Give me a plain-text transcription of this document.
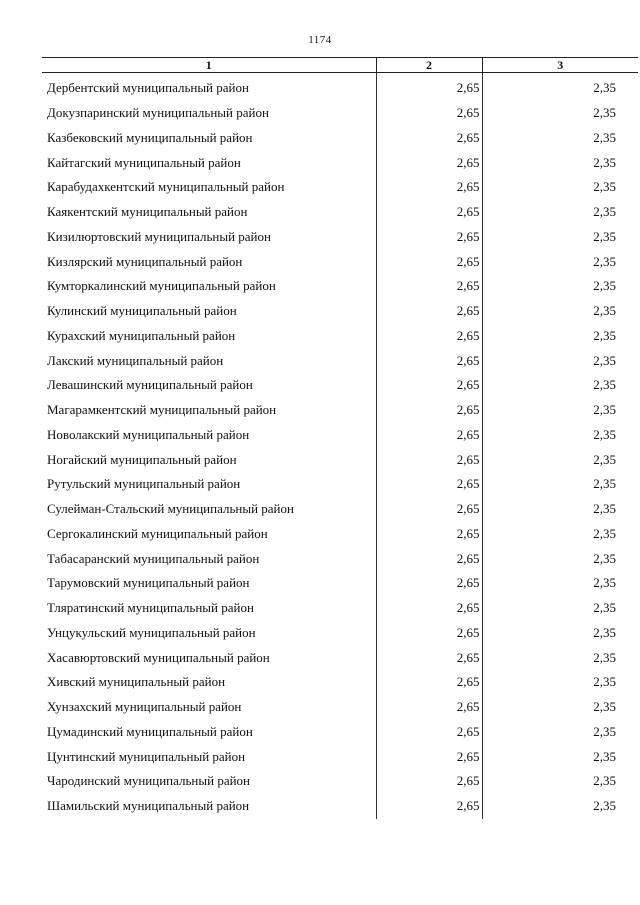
1174
1	2	3
Дербентский муниципальный район	2,65	2,35
Докузпаринский муниципальный район	2,65	2,35
Казбековский муниципальный район	2,65	2,35
Кайтагский муниципальный район	2,65	2,35
Карабудахкентский муниципальный район	2,65	2,35
Каякентский муниципальный район	2,65	2,35
Кизилюртовский муниципальный район	2,65	2,35
Кизлярский муниципальный район	2,65	2,35
Кумторкалинский муниципальный район	2,65	2,35
Кулинский муниципальный район	2,65	2,35
Курахский муниципальный район	2,65	2,35
Лакский муниципальный район	2,65	2,35
Левашинский муниципальный район	2,65	2,35
Магарамкентский муниципальный район	2,65	2,35
Новолакский муниципальный район	2,65	2,35
Ногайский муниципальный район	2,65	2,35
Рутульский муниципальный район	2,65	2,35
Сулейман-Стальский муниципальный район	2,65	2,35
Сергокалинский муниципальный район	2,65	2,35
Табасаранский муниципальный район	2,65	2,35
Тарумовский муниципальный район	2,65	2,35
Тляратинский муниципальный район	2,65	2,35
Унцукульский муниципальный район	2,65	2,35
Хасавюртовский муниципальный район	2,65	2,35
Хивский муниципальный район	2,65	2,35
Хунзахский муниципальный район	2,65	2,35
Цумадинский муниципальный район	2,65	2,35
Цунтинский муниципальный район	2,65	2,35
Чародинский муниципальный район	2,65	2,35
Шамильский муниципальный район	2,65	2,35
